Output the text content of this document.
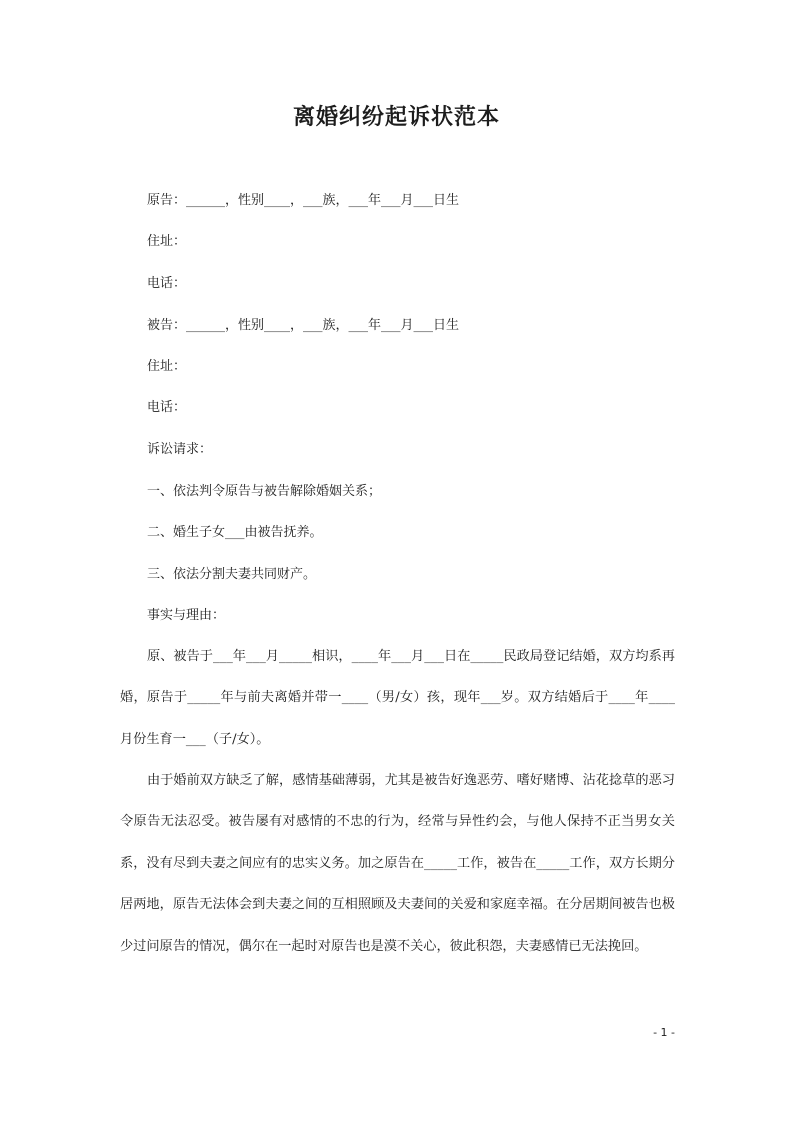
离婚纠纷起诉状范本
原告：______，性别____，___族，___年___月___日生
住址：
电话：
被告：______，性别____，___族，___年___月___日生
住址：
电话：
诉讼请求：
一、依法判令原告与被告解除婚姻关系；
二、婚生子女___由被告抚养。
三、依法分割夫妻共同财产。
事实与理由：

原、被告于___年___月_____相识，____年___月___日在_____民政局登记结婚，双方均系再婚，原告于_____年与前夫离婚并带一____（男/女）孩，现年___岁。双方结婚后于____年____月份生育一___（子/女）。

由于婚前双方缺乏了解，感情基础薄弱，尤其是被告好逸恶劳、嗜好赌博、沾花捻草的恶习令原告无法忍受。被告屡有对感情的不忠的行为，经常与异性约会，与他人保持不正当男女关系，没有尽到夫妻之间应有的忠实义务。加之原告在_____工作，被告在_____工作，双方长期分居两地，原告无法体会到夫妻之间的互相照顾及夫妻间的关爱和家庭幸福。在分居期间被告也极少过问原告的情况，偶尔在一起时对原告也是漠不关心，彼此积怨，夫妻感情已无法挽回。

- 1 -
